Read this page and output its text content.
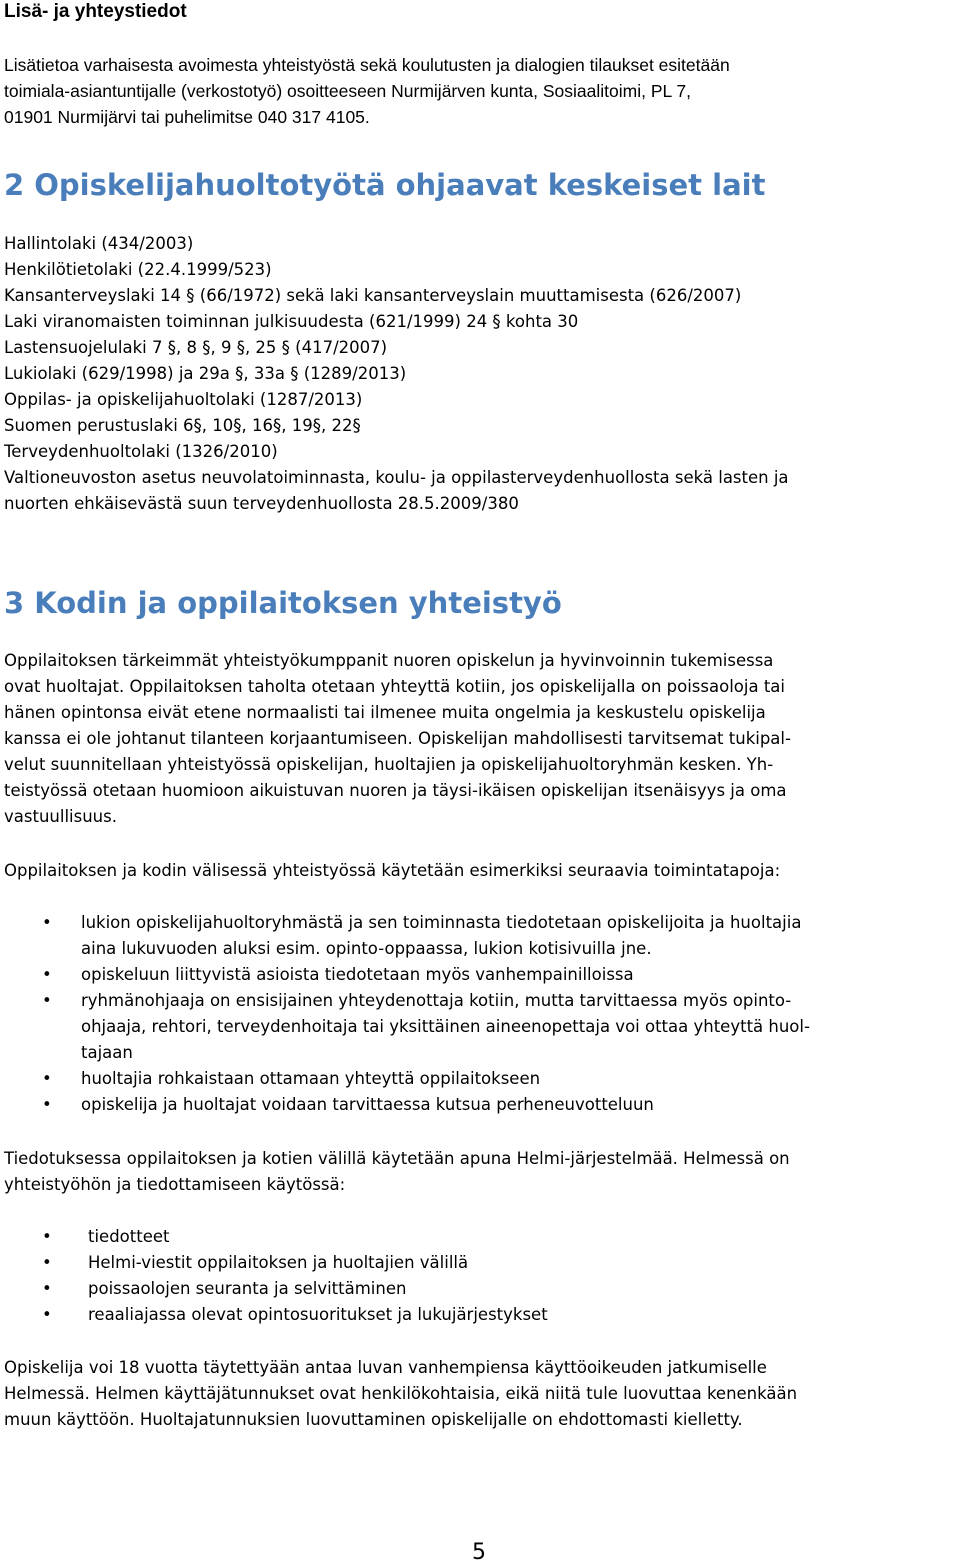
Lisä- ja yhteystiedot
Lisätietoa varhaisesta avoimesta yhteistyöstä sekä koulutusten ja dialogien tilaukset esitetään
toimiala-asiantuntijalle (verkostotyö) osoitteeseen Nurmijärven kunta, Sosiaalitoimi, PL 7,
01901 Nurmijärvi tai puhelimitse 040 317 4105.
2 Opiskelijahuoltotyötä ohjaavat keskeiset lait
Hallintolaki (434/2003)
Henkilötietolaki (22.4.1999/523)
Kansanterveyslaki 14 § (66/1972) sekä laki kansanterveyslain muuttamisesta (626/2007)
Laki viranomaisten toiminnan julkisuudesta (621/1999) 24 § kohta 30
Lastensuojelulaki 7 §, 8 §, 9 §, 25 § (417/2007)
Lukiolaki (629/1998) ja 29a §, 33a § (1289/2013)
Oppilas- ja opiskelijahuoltolaki (1287/2013)
Suomen perustuslaki 6§, 10§, 16§, 19§, 22§
Terveydenhuoltolaki (1326/2010)
Valtioneuvoston asetus neuvolatoiminnasta, koulu- ja oppilasterveydenhuollosta sekä lasten ja
nuorten ehkäisevästä suun terveydenhuollosta 28.5.2009/380
3 Kodin ja oppilaitoksen yhteistyö
Oppilaitoksen tärkeimmät yhteistyökumppanit nuoren opiskelun ja hyvinvoinnin tukemisessa
ovat huoltajat. Oppilaitoksen taholta otetaan yhteyttä kotiin, jos opiskelijalla on poissaoloja tai
hänen opintonsa eivät etene normaalisti tai ilmenee muita ongelmia ja keskustelu opiskelija
kanssa ei ole johtanut tilanteen korjaantumiseen. Opiskelijan mahdollisesti tarvitsemat tukipal-
velut suunnitellaan yhteistyössä opiskelijan, huoltajien ja opiskelijahuoltoryhmän kesken. Yh-
teistyössä otetaan huomioon aikuistuvan nuoren ja täysi-ikäisen opiskelijan itsenäisyys ja oma
vastuullisuus.
Oppilaitoksen ja kodin välisessä yhteistyössä käytetään esimerkiksi seuraavia toimintatapoja:
• lukion opiskelijahuoltoryhmästä ja sen toiminnasta tiedotetaan opiskelijoita ja huoltajia
aina lukuvuoden aluksi esim. opinto-oppaassa, lukion kotisivuilla jne.
• opiskeluun liittyvistä asioista tiedotetaan myös vanhempainilloissa
• ryhmänohjaaja on ensisijainen yhteydenottaja kotiin, mutta tarvittaessa myös opinto-
ohjaaja, rehtori, terveydenhoitaja tai yksittäinen aineenopettaja voi ottaa yhteyttä huol-
tajaan
• huoltajia rohkaistaan ottamaan yhteyttä oppilaitokseen
• opiskelija ja huoltajat voidaan tarvittaessa kutsua perheneuvotteluun
Tiedotuksessa oppilaitoksen ja kotien välillä käytetään apuna Helmi-järjestelmää. Helmessä on
yhteistyöhön ja tiedottamiseen käytössä:
• tiedotteet
• Helmi-viestit oppilaitoksen ja huoltajien välillä
• poissaolojen seuranta ja selvittäminen
• reaaliajassa olevat opintosuoritukset ja lukujärjestykset
Opiskelija voi 18 vuotta täytettyään antaa luvan vanhempiensa käyttöoikeuden jatkumiselle
Helmessä. Helmen käyttäjätunnukset ovat henkilökohtaisia, eikä niitä tule luovuttaa kenenkään
muun käyttöön. Huoltajatunnuksien luovuttaminen opiskelijalle on ehdottomasti kielletty.
5
